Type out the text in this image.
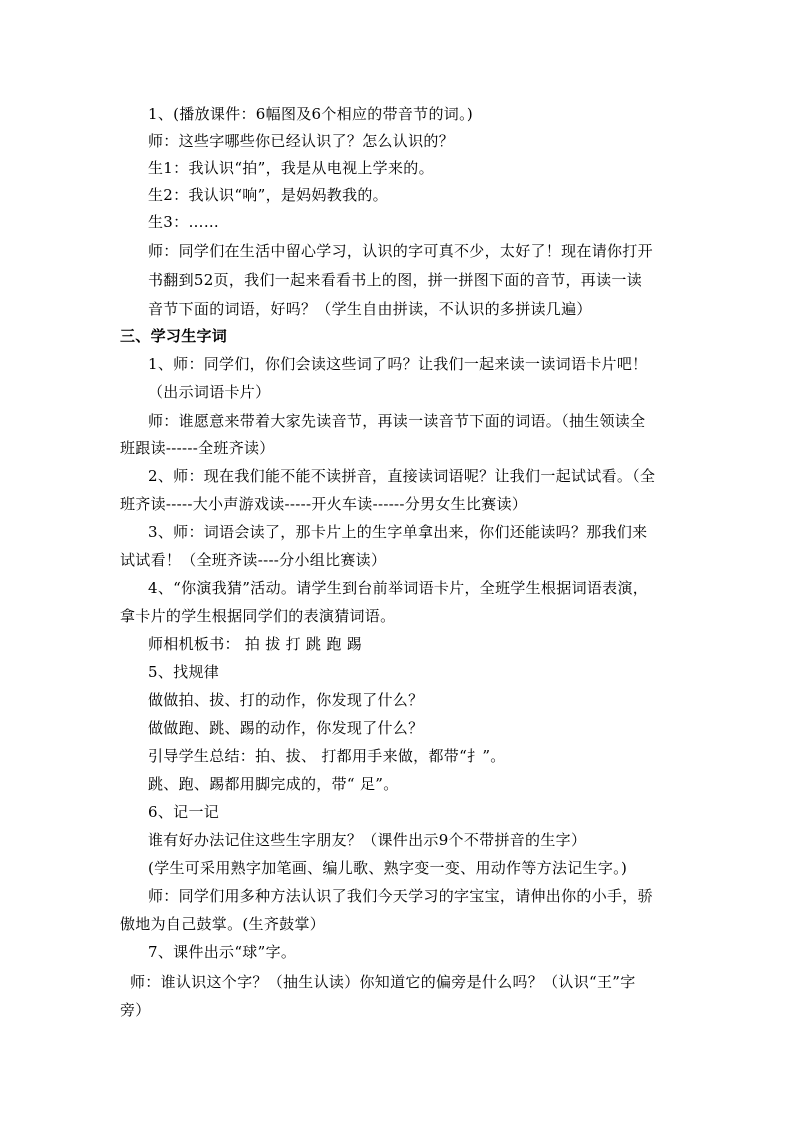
1、(播放课件：6幅图及6个相应的带音节的词。)
师：这些字哪些你已经认识了？怎么认识的？
生1：我认识“拍”，我是从电视上学来的。
生2：我认识“响”，是妈妈教我的。
生3：……
师：同学们在生活中留心学习，认识的字可真不少，太好了！现在请你打开
书翻到52页，我们一起来看看书上的图，拼一拼图下面的音节，再读一读
音节下面的词语，好吗？（学生自由拼读，不认识的多拼读几遍）
三、学习生字词
1、师：同学们，你们会读这些词了吗？让我们一起来读一读词语卡片吧！
（出示词语卡片）
师：谁愿意来带着大家先读音节，再读一读音节下面的词语。（抽生领读全
班跟读------全班齐读）
2、师：现在我们能不能不读拼音，直接读词语呢？让我们一起试试看。（全
班齐读-----大小声游戏读-----开火车读------分男女生比赛读）
3、师：词语会读了，那卡片上的生字单拿出来，你们还能读吗？那我们来
试试看！（全班齐读----分小组比赛读）
4、“你演我猜”活动。请学生到台前举词语卡片，全班学生根据词语表演，
拿卡片的学生根据同学们的表演猜词语。
师相机板书： 拍 拔 打 跳 跑 踢
5、找规律
做做拍、拔、打的动作，你发现了什么？
做做跑、跳、踢的动作，你发现了什么？
引导学生总结：拍、拔、 打都用手来做，都带“扌”。
跳、跑、踢都用脚完成的，带“ 足”。
6、记一记
谁有好办法记住这些生字朋友？（课件出示9个不带拼音的生字）
(学生可采用熟字加笔画、编儿歌、熟字变一变、用动作等方法记生字。)
师：同学们用多种方法认识了我们今天学习的字宝宝，请伸出你的小手，骄
傲地为自己鼓掌。(生齐鼓掌）
7、课件出示“球”字。
师：谁认识这个字？（抽生认读）你知道它的偏旁是什么吗？（认识“王”字
旁）
